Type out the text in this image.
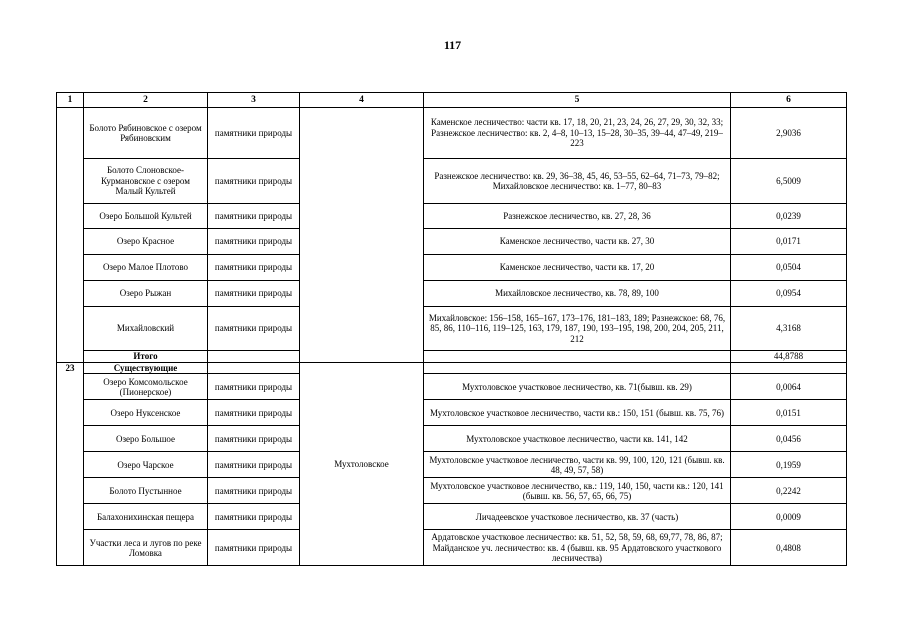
117
1	2	3	4	5	6
	Болото Рябиновское с озером Рябиновским	памятники природы		Каменское лесничество: части кв. 17, 18, 20, 21, 23, 24, 26, 27, 29, 30, 32, 33; Разнежское лесничество: кв. 2, 4–8, 10–13, 15–28, 30–35, 39–44, 47–49, 219–223	2,9036
	Болото Слоновское-Курмановское с озером Малый Культей	памятники природы		Разнежское лесничество: кв. 29, 36–38, 45, 46, 53–55, 62–64, 71–73, 79–82; Михайловское лесничество: кв. 1–77, 80–83	6,5009
	Озеро Большой Культей	памятники природы		Разнежское лесничество, кв. 27, 28, 36	0,0239
	Озеро Красное	памятники природы		Каменское лесничество, части кв. 27, 30	0,0171
	Озеро Малое Плотово	памятники природы		Каменское лесничество, части кв. 17, 20	0,0504
	Озеро Рыжан	памятники природы		Михайловское лесничество, кв. 78, 89, 100	0,0954
	Михайловский	памятники природы		Михайловское: 156–158, 165–167, 173–176, 181–183, 189; Разнежское: 68, 76, 85, 86, 110–116, 119–125, 163, 179, 187, 190, 193–195, 198, 200, 204, 205, 211, 212	4,3168
	Итого				44,8788
23	Существующие		Мухтоловское		
	Озеро Комсомольское (Пионерское)	памятники природы		Мухтоловское участковое лесничество, кв. 71(бывш. кв. 29)	0,0064
	Озеро Нуксенское	памятники природы		Мухтоловское участковое лесничество, части кв.: 150, 151 (бывш. кв. 75, 76)	0,0151
	Озеро Большое	памятники природы		Мухтоловское участковое лесничество, части кв. 141, 142	0,0456
	Озеро Чарское	памятники природы		Мухтоловское участковое лесничество, части кв. 99, 100, 120, 121 (бывш. кв. 48, 49, 57, 58)	0,1959
	Болото Пустынное	памятники природы		Мухтоловское участковое лесничество, кв.: 119, 140, 150, части кв.: 120, 141 (бывш. кв. 56, 57, 65, 66, 75)	0,2242
	Балахонихинская пещера	памятники природы		Личадеевское участковое лесничество, кв. 37 (часть)	0,0009
	Участки леса и лугов по реке Ломовка	памятники природы		Ардатовское участковое лесничество: кв. 51, 52, 58, 59, 68, 69,77, 78, 86, 87; Майданское уч. лесничество: кв. 4 (бывш. кв. 95 Ардатовского участкового лесничества)	0,4808
